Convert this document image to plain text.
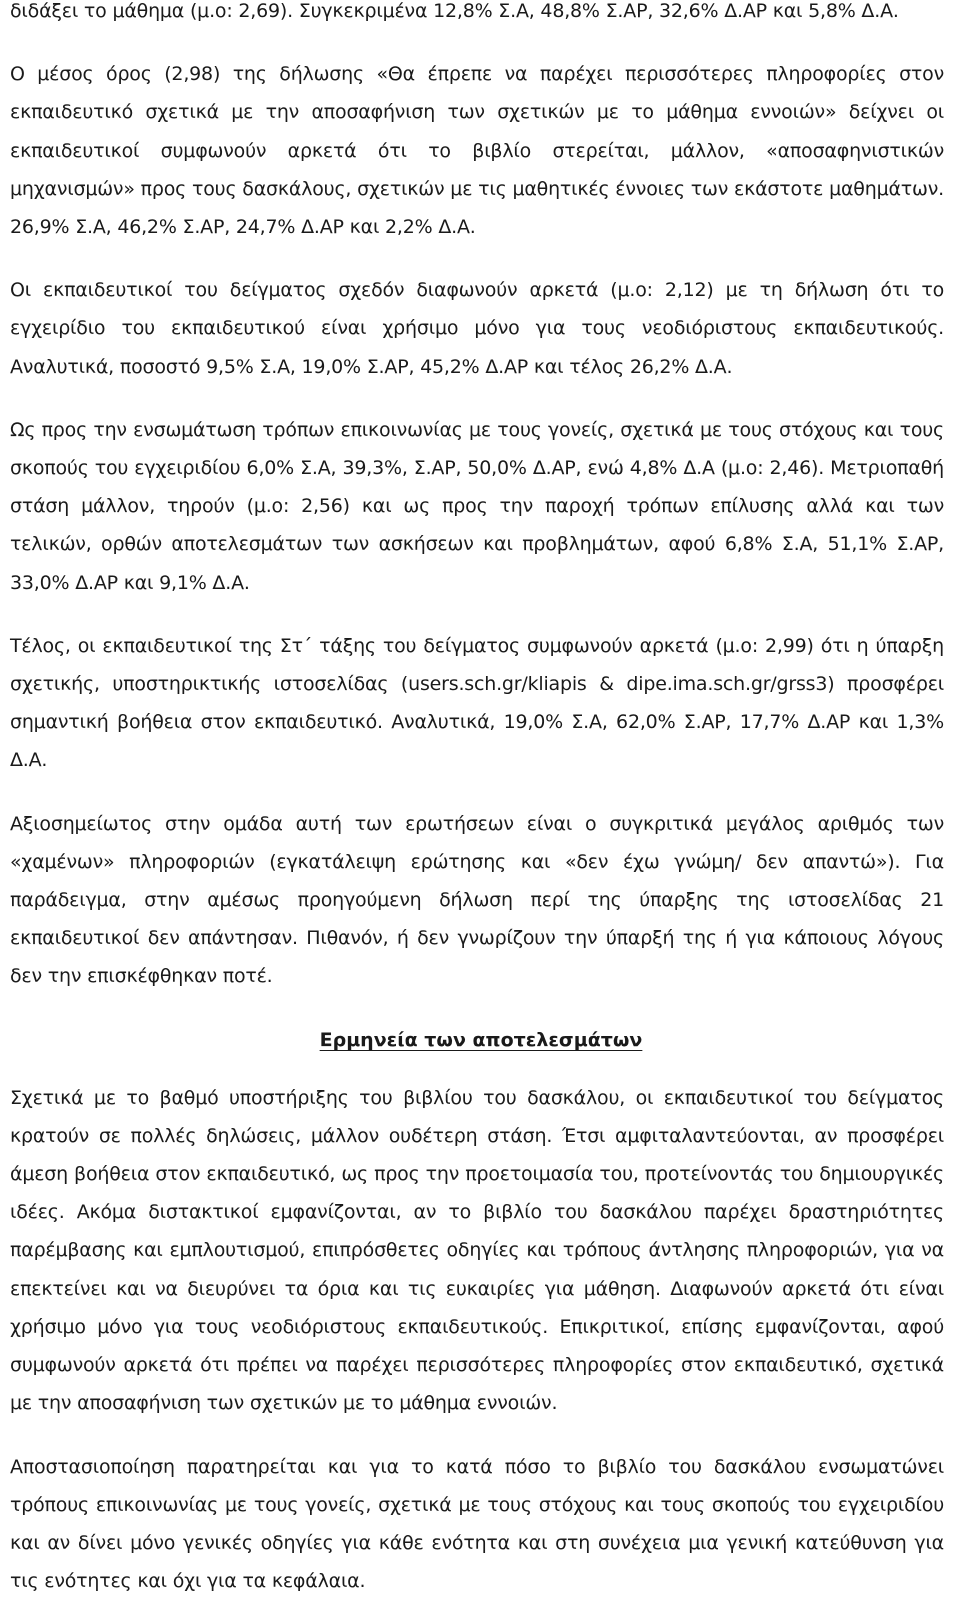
διδάξει το μάθημα (μ.ο: 2,69). Συγκεκριμένα 12,8% Σ.Α, 48,8% Σ.ΑΡ, 32,6% Δ.ΑΡ και 5,8% Δ.Α.

Ο μέσος όρος (2,98) της δήλωσης «Θα έπρεπε να παρέχει περισσότερες πληροφορίες στον εκπαιδευτικό σχετικά με την αποσαφήνιση των σχετικών με το μάθημα εννοιών» δείχνει οι εκπαιδευτικοί συμφωνούν αρκετά ότι το βιβλίο στερείται, μάλλον, «αποσαφηνιστικών μηχανισμών» προς τους δασκάλους, σχετικών με τις μαθητικές έννοιες των εκάστοτε μαθημάτων. 26,9% Σ.Α, 46,2% Σ.ΑΡ, 24,7% Δ.ΑΡ και 2,2% Δ.Α.

Οι εκπαιδευτικοί του δείγματος σχεδόν διαφωνούν αρκετά (μ.ο: 2,12) με τη δήλωση ότι το εγχειρίδιο του εκπαιδευτικού είναι χρήσιμο μόνο για τους νεοδιόριστους εκπαιδευτικούς. Αναλυτικά, ποσοστό 9,5% Σ.Α, 19,0% Σ.ΑΡ, 45,2% Δ.ΑΡ και τέλος 26,2% Δ.Α.

Ως προς την ενσωμάτωση τρόπων επικοινωνίας με τους γονείς, σχετικά με τους στόχους και τους σκοπούς του εγχειριδίου 6,0% Σ.Α, 39,3%, Σ.ΑΡ, 50,0% Δ.ΑΡ, ενώ 4,8% Δ.Α (μ.ο: 2,46). Μετριοπαθή στάση μάλλον, τηρούν (μ.ο: 2,56) και ως προς την παροχή τρόπων επίλυσης αλλά και των τελικών, ορθών αποτελεσμάτων των ασκήσεων και προβλημάτων, αφού 6,8% Σ.Α, 51,1% Σ.ΑΡ, 33,0% Δ.ΑΡ και 9,1% Δ.Α.

Τέλος, οι εκπαιδευτικοί της Στ΄ τάξης του δείγματος συμφωνούν αρκετά (μ.ο: 2,99) ότι η ύπαρξη σχετικής, υποστηρικτικής ιστοσελίδας (users.sch.gr/kliapis & dipe.ima.sch.gr/grss3) προσφέρει σημαντική βοήθεια στον εκπαιδευτικό. Αναλυτικά, 19,0% Σ.Α, 62,0% Σ.ΑΡ, 17,7% Δ.ΑΡ και 1,3% Δ.Α.

Αξιοσημείωτος στην ομάδα αυτή των ερωτήσεων είναι ο συγκριτικά μεγάλος αριθμός των «χαμένων» πληροφοριών (εγκατάλειψη ερώτησης και «δεν έχω γνώμη/ δεν απαντώ»). Για παράδειγμα, στην αμέσως προηγούμενη δήλωση περί της ύπαρξης της ιστοσελίδας 21 εκπαιδευτικοί δεν απάντησαν. Πιθανόν, ή δεν γνωρίζουν την ύπαρξή της ή για κάποιους λόγους δεν την επισκέφθηκαν ποτέ.

Ερμηνεία των αποτελεσμάτων

Σχετικά με το βαθμό υποστήριξης του βιβλίου του δασκάλου, οι εκπαιδευτικοί του δείγματος κρατούν σε πολλές δηλώσεις, μάλλον ουδέτερη στάση. Έτσι αμφιταλαντεύονται, αν προσφέρει άμεση βοήθεια στον εκπαιδευτικό, ως προς την προετοιμασία του, προτείνοντάς του δημιουργικές ιδέες. Ακόμα διστακτικοί εμφανίζονται, αν το βιβλίο του δασκάλου παρέχει δραστηριότητες παρέμβασης και εμπλουτισμού, επιπρόσθετες οδηγίες και τρόπους άντλησης πληροφοριών, για να επεκτείνει και να διευρύνει τα όρια και τις ευκαιρίες για μάθηση. Διαφωνούν αρκετά ότι είναι χρήσιμο μόνο για τους νεοδιόριστους εκπαιδευτικούς. Επικριτικοί, επίσης εμφανίζονται, αφού συμφωνούν αρκετά ότι πρέπει να παρέχει περισσότερες πληροφορίες στον εκπαιδευτικό, σχετικά με την αποσαφήνιση των σχετικών με το μάθημα εννοιών.

Αποστασιοποίηση παρατηρείται και για το κατά πόσο το βιβλίο του δασκάλου ενσωματώνει τρόπους επικοινωνίας με τους γονείς, σχετικά με τους στόχους και τους σκοπούς του εγχειριδίου και αν δίνει μόνο γενικές οδηγίες για κάθε ενότητα και στη συνέχεια μια γενική κατεύθυνση για τις ενότητες και όχι για τα κεφάλαια.
